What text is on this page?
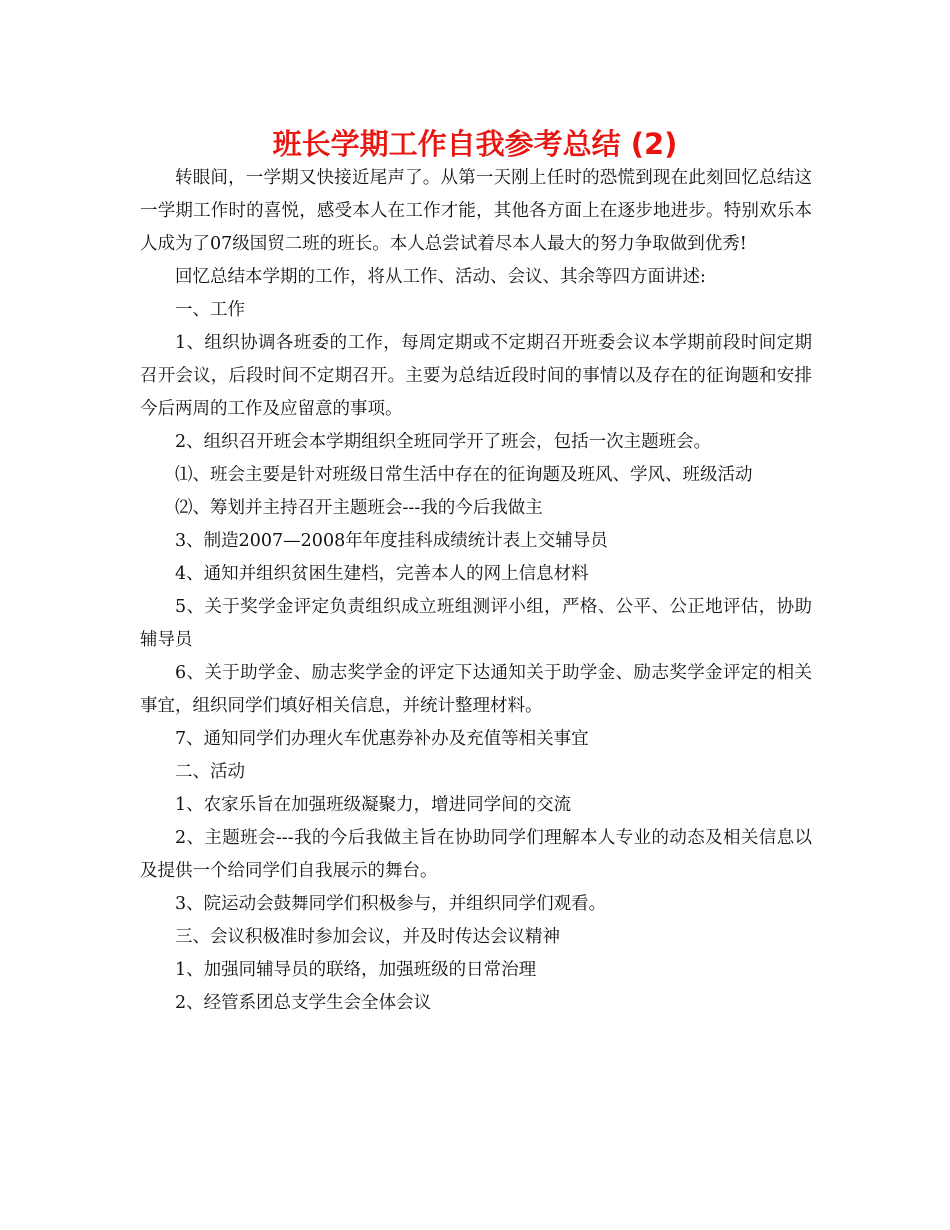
班长学期工作自我参考总结 (2)

转眼间，一学期又快接近尾声了。从第一天刚上任时的恐慌到现在此刻回忆总结这一学期工作时的喜悦，感受本人在工作才能，其他各方面上在逐步地进步。特别欢乐本人成为了07级国贸二班的班长。本人总尝试着尽本人最大的努力争取做到优秀!

回忆总结本学期的工作，将从工作、活动、会议、其余等四方面讲述:

一、工作

1、组织协调各班委的工作，每周定期或不定期召开班委会议本学期前段时间定期召开会议，后段时间不定期召开。主要为总结近段时间的事情以及存在的征询题和安排今后两周的工作及应留意的事项。

2、组织召开班会本学期组织全班同学开了班会，包括一次主题班会。

⑴、班会主要是针对班级日常生活中存在的征询题及班风、学风、班级活动

⑵、筹划并主持召开主题班会---我的今后我做主

3、制造2007—2008年年度挂科成绩统计表上交辅导员

4、通知并组织贫困生建档，完善本人的网上信息材料

5、关于奖学金评定负责组织成立班组测评小组，严格、公平、公正地评估，协助辅导员

6、关于助学金、励志奖学金的评定下达通知关于助学金、励志奖学金评定的相关事宜，组织同学们填好相关信息，并统计整理材料。

7、通知同学们办理火车优惠券补办及充值等相关事宜

二、活动

1、农家乐旨在加强班级凝聚力，增进同学间的交流

2、主题班会---我的今后我做主旨在协助同学们理解本人专业的动态及相关信息以及提供一个给同学们自我展示的舞台。

3、院运动会鼓舞同学们积极参与，并组织同学们观看。

三、会议积极准时参加会议，并及时传达会议精神

1、加强同辅导员的联络，加强班级的日常治理

2、经管系团总支学生会全体会议
